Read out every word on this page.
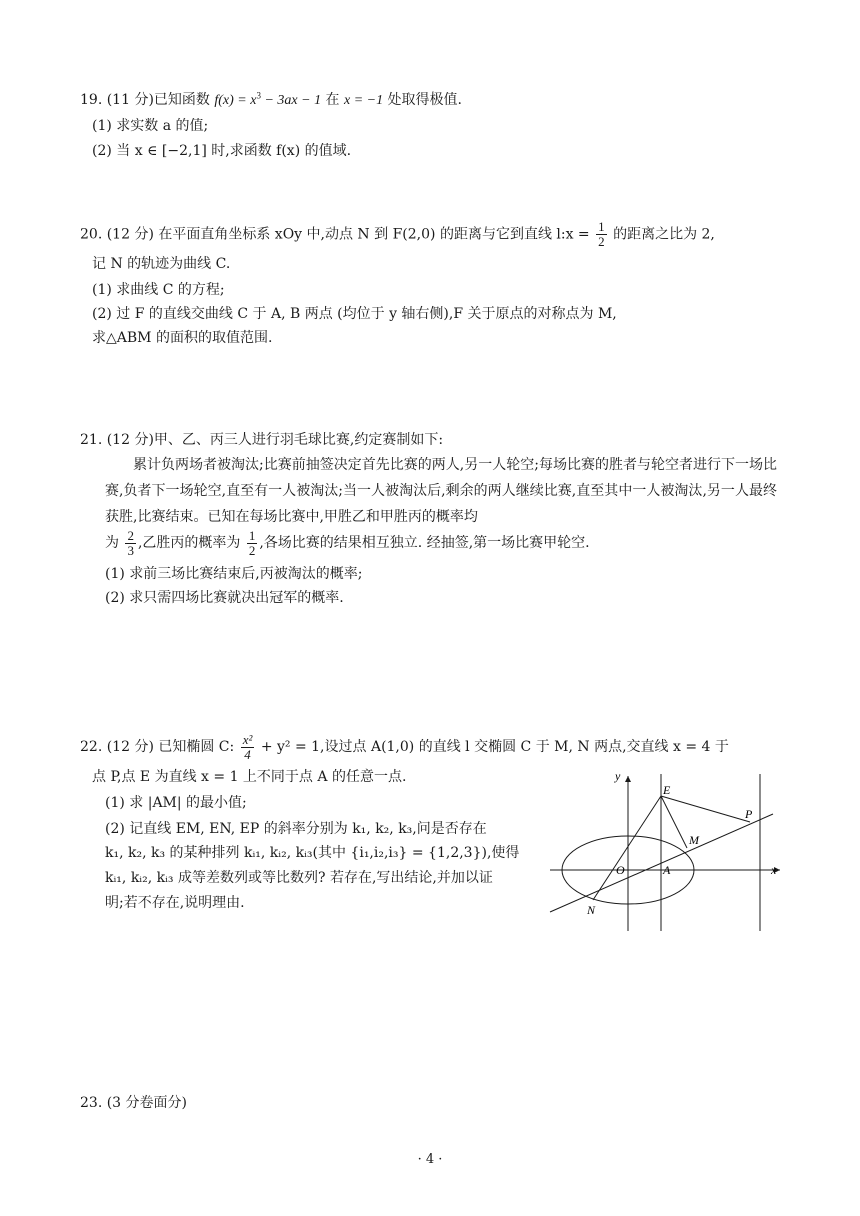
19. (11 分)已知函数 $f(x) = x^3 - 3ax - 1$ 在 x = −1 处取得极值.
(1) 求实数 a 的值;
(2) 当 x ∈ [−2,1] 时,求函数 f(x) 的值域.
20. (12 分) 在平面直角坐标系 xOy 中,动点 N 到 F(2,0) 的距离与它到直线 l:x = $\frac{1}{2}$ 的距离之比为 2,
记 N 的轨迹为曲线 C.
(1) 求曲线 C 的方程;
(2) 过 F 的直线交曲线 C 于 A, B 两点 (均位于 y 轴右侧),F 关于原点的对称点为 M,
求△ABM 的面积的取值范围.
21. (12 分)甲、乙、丙三人进行羽毛球比赛,约定赛制如下:
累计负两场者被淘汰;比赛前抽签决定首先比赛的两人,另一人轮空;每场比赛的胜者与轮空者进行下一场比赛,负者下一场轮空,直至有一人被淘汰;当一人被淘汰后,剩余的两人继续比赛,直至其中一人被淘汰,另一人最终获胜,比赛结束。已知在每场比赛中,甲胜乙和甲胜丙的概率均
为 $\frac{2}{3}$ ,乙胜丙的概率为 $\frac{1}{2}$ ,各场比赛的结果相互独立. 经抽签,第一场比赛甲轮空.
(1) 求前三场比赛结束后,丙被淘汰的概率;
(2) 求只需四场比赛就决出冠军的概率.
22. (12 分) 已知椭圆 C: $\frac{\text{x²}}{4} + y^2 = 1$,设过点 A(1,0) 的直线 l 交椭圆 C 于 M, N 两点,交直线 x = 4 于
点 P,点 E 为直线 x = 1 上不同于点 A 的任意一点.
(1) 求 |AM| 的最小值;
(2) 记直线 EM, EN, EP 的斜率分别为 k₁, k₂, k₃,问是否存在
k₁, k₂, k₃ 的某种排列 kᵢ₁, kᵢ₂, kᵢ₃(其中 {i₁,i₂,i₃} = {1,2,3}),使得
kᵢ₁, kᵢ₂, kᵢ₃ 成等差数列或等比数列? 若存在,写出结论,并加以证
明;若不存在,说明理由.
y
x
E
P
M
O	A
N
23. (3 分卷面分)
· 4 ·
